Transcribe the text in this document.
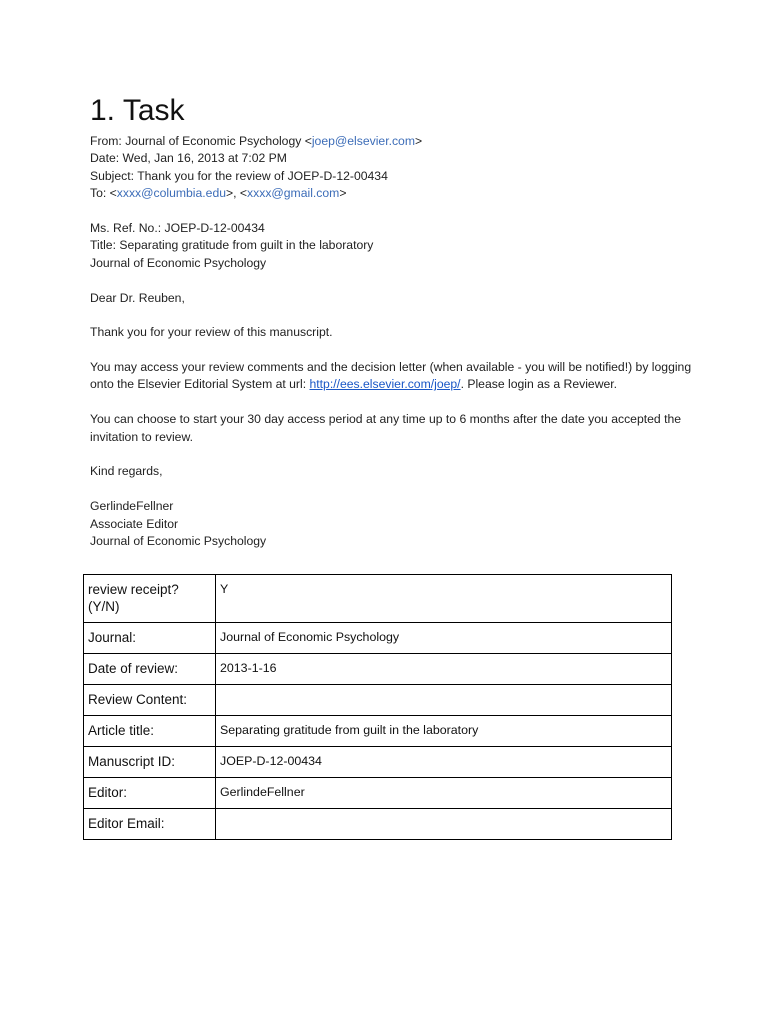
1. Task
From: Journal of Economic Psychology <joep@elsevier.com>
Date: Wed, Jan 16, 2013 at 7:02 PM
Subject: Thank you for the review of JOEP-D-12-00434
To: <xxxx@columbia.edu>, <xxxx@gmail.com>
Ms. Ref. No.: JOEP-D-12-00434
Title: Separating gratitude from guilt in the laboratory
Journal of Economic Psychology
Dear Dr. Reuben,
Thank you for your review of this manuscript.
You may access your review comments and the decision letter (when available - you will be notified!) by logging onto the Elsevier Editorial System at url: http://ees.elsevier.com/joep/. Please login as a Reviewer.
You can choose to start your 30 day access period at any time up to 6 months after the date you accepted the invitation to review.
Kind regards,
GerlindeFellner
Associate Editor
Journal of Economic Psychology
review receipt? (Y/N)	Y
Journal:	Journal of Economic Psychology
Date of review:	2013-1-16
Review Content:	
Article title:	Separating gratitude from guilt in the laboratory
Manuscript ID:	JOEP-D-12-00434
Editor:	GerlindeFellner
Editor Email:	
